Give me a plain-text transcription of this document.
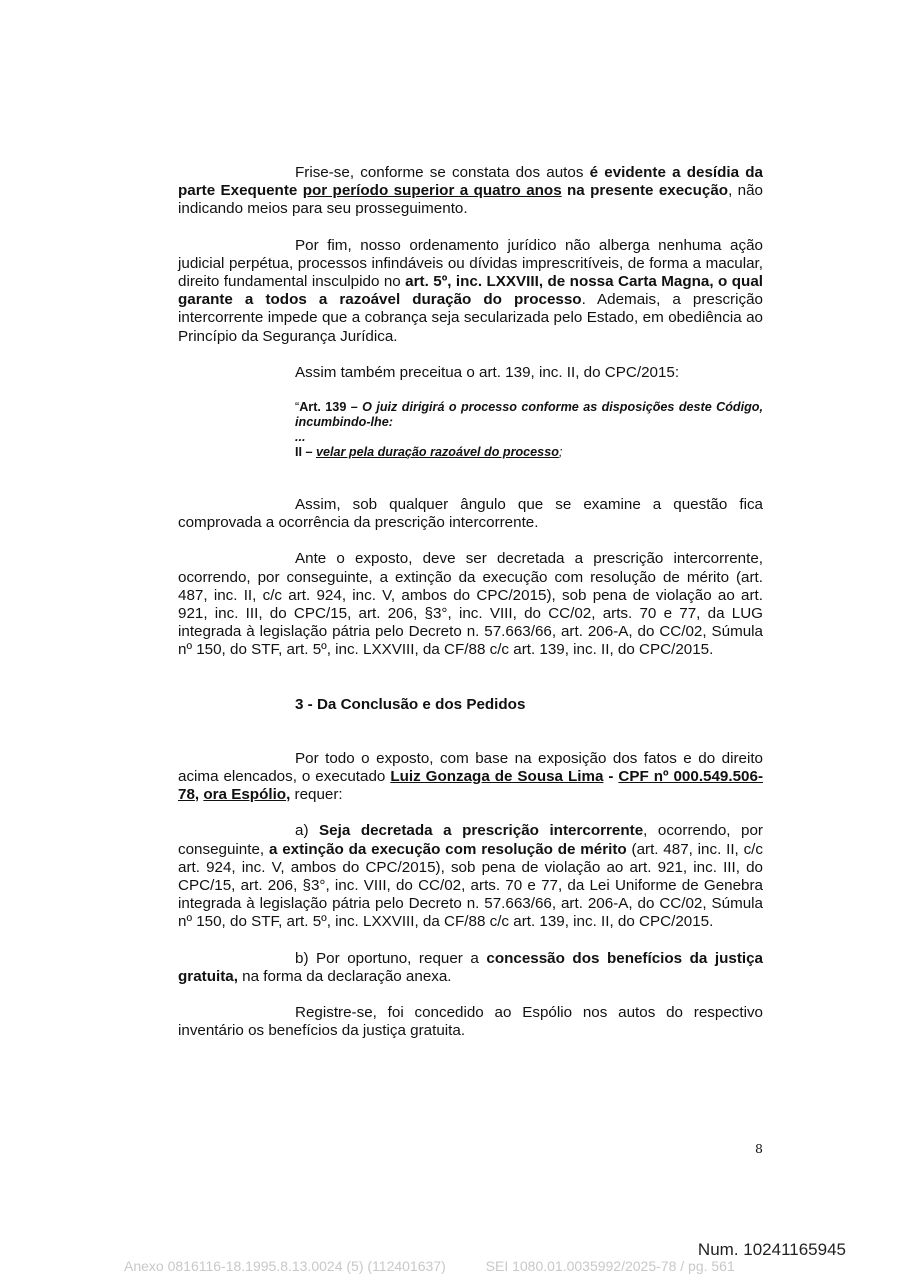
Frise-se, conforme se constata dos autos é evidente a desídia da parte Exequente por período superior a quatro anos na presente execução, não indicando meios para seu prosseguimento.

Por fim, nosso ordenamento jurídico não alberga nenhuma ação judicial perpétua, processos infindáveis ou dívidas imprescritíveis, de forma a macular, direito fundamental insculpido no art. 5º, inc. LXXVIII, de nossa Carta Magna, o qual garante a todos a razoável duração do processo. Ademais, a prescrição intercorrente impede que a cobrança seja secularizada pelo Estado, em obediência ao Princípio da Segurança Jurídica.

Assim também preceitua o art. 139, inc. II, do CPC/2015:

“Art. 139 – O juiz dirigirá o processo conforme as disposições deste Código, incumbindo-lhe:
...
II – velar pela duração razoável do processo;

Assim, sob qualquer ângulo que se examine a questão fica comprovada a ocorrência da prescrição intercorrente.

Ante o exposto, deve ser decretada a prescrição intercorrente, ocorrendo, por conseguinte, a extinção da execução com resolução de mérito (art. 487, inc. II, c/c art. 924, inc. V, ambos do CPC/2015), sob pena de violação ao art. 921, inc. III, do CPC/15, art. 206, §3°, inc. VIII, do CC/02, arts. 70 e 77, da LUG integrada à legislação pátria pelo Decreto n. 57.663/66, art. 206-A, do CC/02, Súmula nº 150, do STF, art. 5º, inc. LXXVIII, da CF/88 c/c art. 139, inc. II, do CPC/2015.

3 - Da Conclusão e dos Pedidos

Por todo o exposto, com base na exposição dos fatos e do direito acima elencados, o executado Luiz Gonzaga de Sousa Lima - CPF nº 000.549.506-78, ora Espólio, requer:

a) Seja decretada a prescrição intercorrente, ocorrendo, por conseguinte, a extinção da execução com resolução de mérito (art. 487, inc. II, c/c art. 924, inc. V, ambos do CPC/2015), sob pena de violação ao art. 921, inc. III, do CPC/15, art. 206, §3°, inc. VIII, do CC/02, arts. 70 e 77, da Lei Uniforme de Genebra integrada à legislação pátria pelo Decreto n. 57.663/66, art. 206-A, do CC/02, Súmula nº 150, do STF, art. 5º, inc. LXXVIII, da CF/88 c/c art. 139, inc. II, do CPC/2015.

b) Por oportuno, requer a concessão dos benefícios da justiça gratuita, na forma da declaração anexa.

Registre-se, foi concedido ao Espólio nos autos do respectivo inventário os benefícios da justiça gratuita.

8
Num. 10241165945
Anexo 0816116-18.1995.8.13.0024 (5) (112401637)	SEI 1080.01.0035992/2025-78 / pg. 561
